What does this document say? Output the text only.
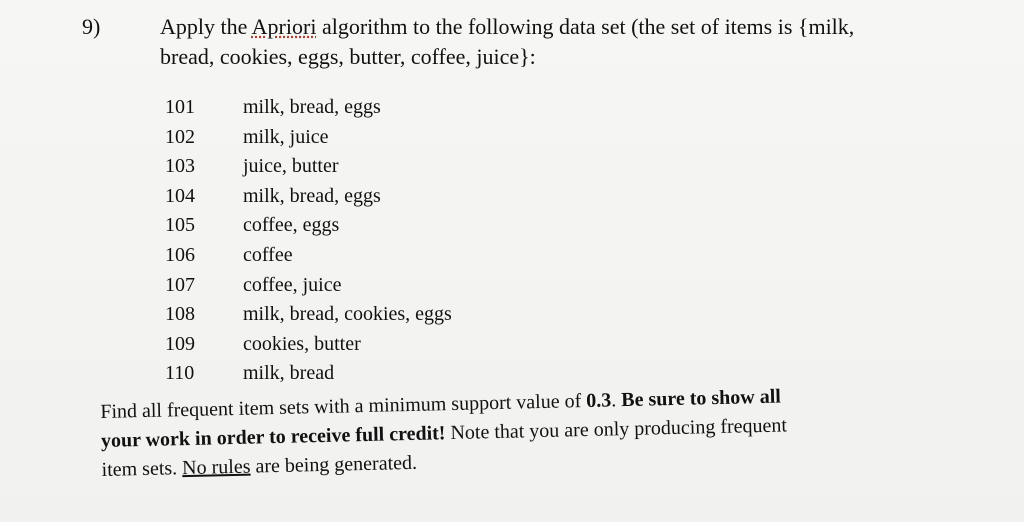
9)	Apply the Apriori algorithm to the following data set (the set of items is {milk,
bread, cookies, eggs, butter, coffee, juice}:
101	milk, bread, eggs
102	milk, juice
103	juice, butter
104	milk, bread, eggs
105	coffee, eggs
106	coffee
107	coffee, juice
108	milk, bread, cookies, eggs
109	cookies, butter
110	milk, bread
Find all frequent item sets with a minimum support value of 0.3. Be sure to show all
your work in order to receive full credit! Note that you are only producing frequent
item sets. No rules are being generated.
